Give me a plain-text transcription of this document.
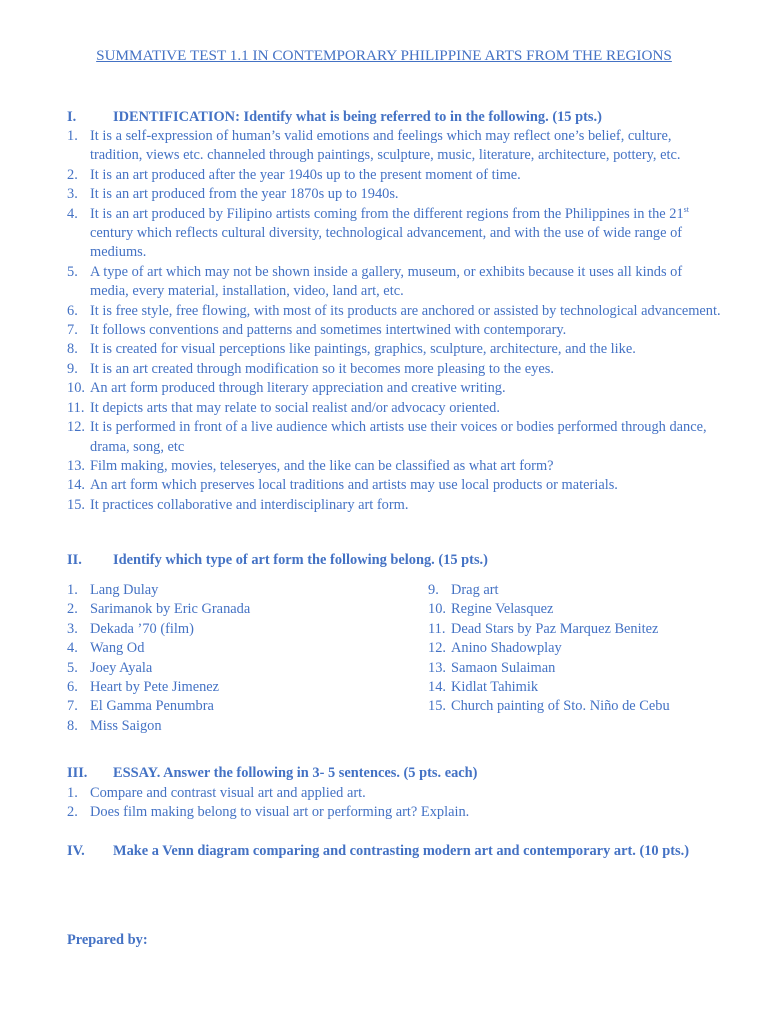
SUMMATIVE TEST 1.1 IN CONTEMPORARY PHILIPPINE ARTS FROM THE REGIONS
I.	IDENTIFICATION: Identify what is being referred to in the following. (15 pts.)
1. It is a self-expression of human’s valid emotions and feelings which may reflect one’s belief, culture, tradition, views etc. channeled through paintings, sculpture, music, literature, architecture, pottery, etc.
2. It is an art produced after the year 1940s up to the present moment of time.
3. It is an art produced from the year 1870s up to 1940s.
4. It is an art produced by Filipino artists coming from the different regions from the Philippines in the 21st century which reflects cultural diversity, technological advancement, and with the use of wide range of mediums.
5. A type of art which may not be shown inside a gallery, museum, or exhibits because it uses all kinds of media, every material, installation, video, land art, etc.
6. It is free style, free flowing, with most of its products are anchored or assisted by technological advancement.
7. It follows conventions and patterns and sometimes intertwined with contemporary.
8. It is created for visual perceptions like paintings, graphics, sculpture, architecture, and the like.
9. It is an art created through modification so it becomes more pleasing to the eyes.
10. An art form produced through literary appreciation and creative writing.
11. It depicts arts that may relate to social realist and/or advocacy oriented.
12. It is performed in front of a live audience which artists use their voices or bodies performed through dance, drama, song, etc
13. Film making, movies, teleseryes, and the like can be classified as what art form?
14. An art form which preserves local traditions and artists may use local products or materials.
15. It practices collaborative and interdisciplinary art form.
II. Identify which type of art form the following belong. (15 pts.)
1. Lang Dulay
2. Sarimanok by Eric Granada
3. Dekada ’70 (film)
4. Wang Od
5. Joey Ayala
6. Heart by Pete Jimenez
7. El Gamma Penumbra
8. Miss Saigon
9. Drag art
10. Regine Velasquez
11. Dead Stars by Paz Marquez Benitez
12. Anino Shadowplay
13. Samaon Sulaiman
14. Kidlat Tahimik
15. Church painting of Sto. Niño de Cebu
III. ESSAY. Answer the following in 3- 5 sentences. (5 pts. each)
1. Compare and contrast visual art and applied art.
2. Does film making belong to visual art or performing art? Explain.
IV. Make a Venn diagram comparing and contrasting modern art and contemporary art. (10 pts.)
Prepared by:
